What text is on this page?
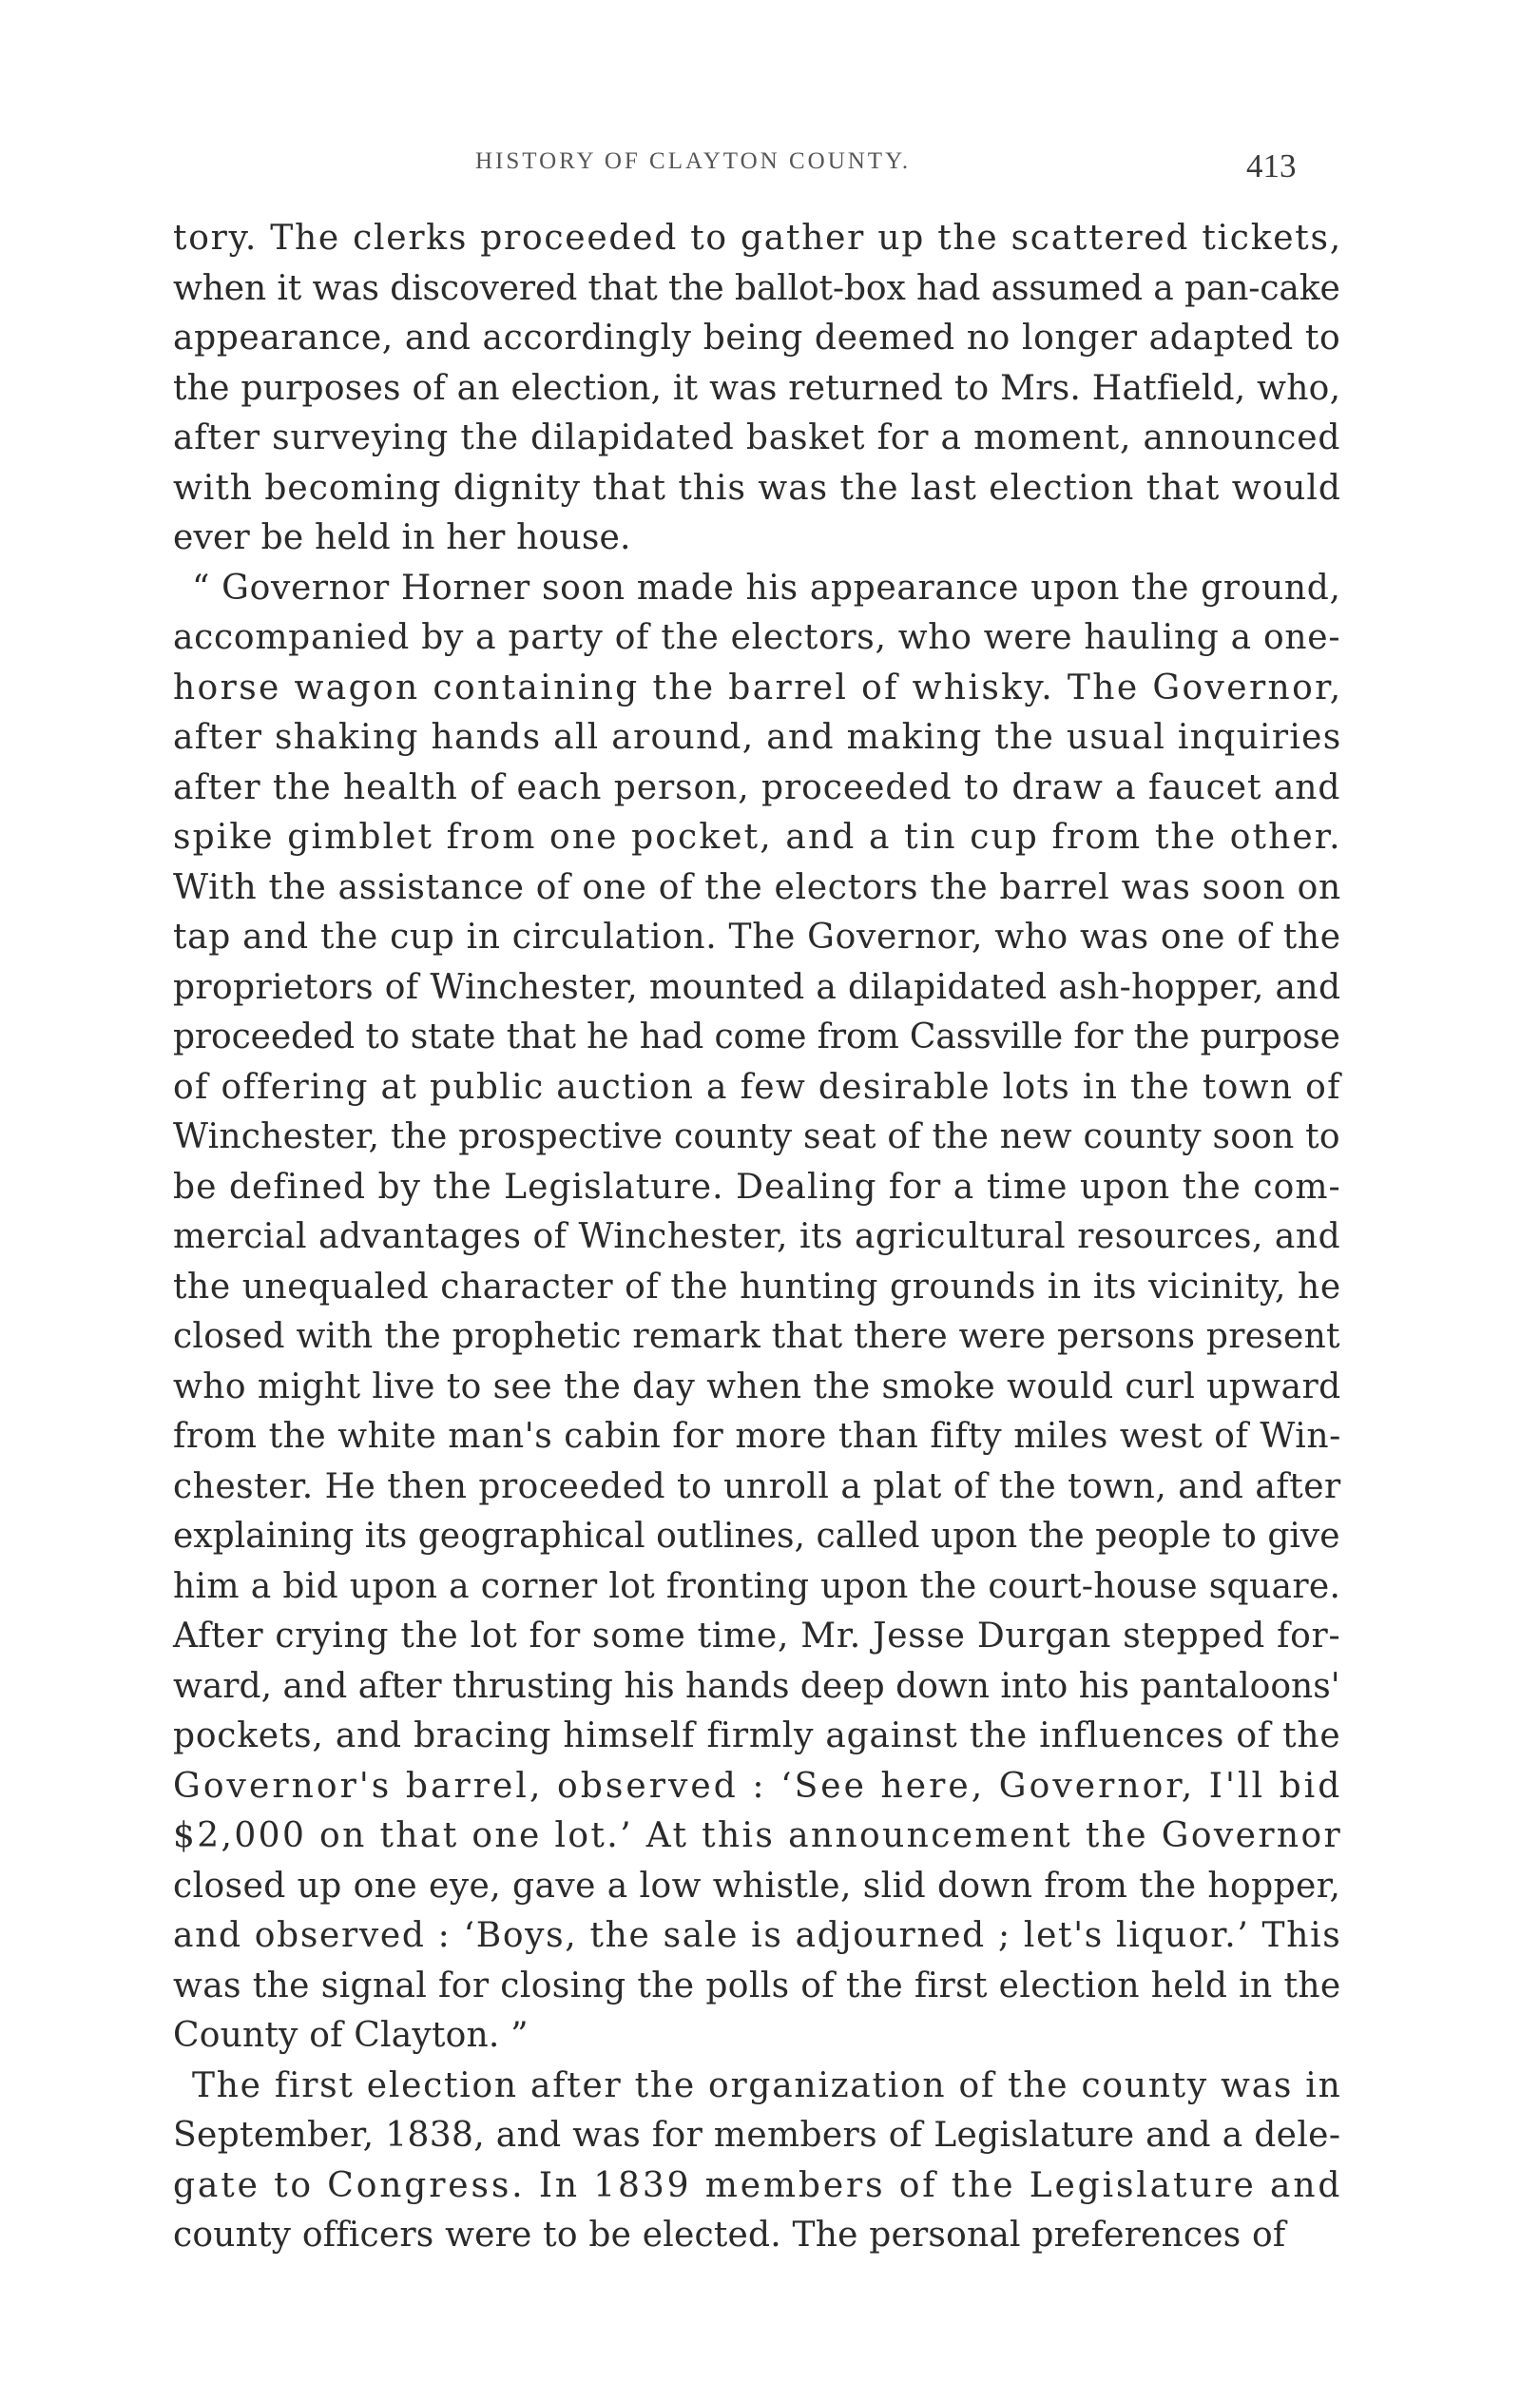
HISTORY OF CLAYTON COUNTY.	413
tory. The clerks proceeded to gather up the scattered tickets,
when it was discovered that the ballot-box had assumed a pan-cake
appearance, and accordingly being deemed no longer adapted to
the purposes of an election, it was returned to Mrs. Hatfield, who,
after surveying the dilapidated basket for a moment, announced
with becoming dignity that this was the last election that would
ever be held in her house.
“ Governor Horner soon made his appearance upon the ground,
accompanied by a party of the electors, who were hauling a one-
horse wagon containing the barrel of whisky. The Governor,
after shaking hands all around, and making the usual inquiries
after the health of each person, proceeded to draw a faucet and
spike gimblet from one pocket, and a tin cup from the other.
With the assistance of one of the electors the barrel was soon on
tap and the cup in circulation. The Governor, who was one of the
proprietors of Winchester, mounted a dilapidated ash-hopper, and
proceeded to state that he had come from Cassville for the purpose
of offering at public auction a few desirable lots in the town of
Winchester, the prospective county seat of the new county soon to
be defined by the Legislature. Dealing for a time upon the com-
mercial advantages of Winchester, its agricultural resources, and
the unequaled character of the hunting grounds in its vicinity, he
closed with the prophetic remark that there were persons present
who might live to see the day when the smoke would curl upward
from the white man's cabin for more than fifty miles west of Win-
chester. He then proceeded to unroll a plat of the town, and after
explaining its geographical outlines, called upon the people to give
him a bid upon a corner lot fronting upon the court-house square.
After crying the lot for some time, Mr. Jesse Durgan stepped for-
ward, and after thrusting his hands deep down into his pantaloons'
pockets, and bracing himself firmly against the influences of the
Governor's barrel, observed : ‘See here, Governor, I'll bid
$2,000 on that one lot.’ At this announcement the Governor
closed up one eye, gave a low whistle, slid down from the hopper,
and observed : ‘Boys, the sale is adjourned ; let's liquor.’ This
was the signal for closing the polls of the first election held in the
County of Clayton. ”
The first election after the organization of the county was in
September, 1838, and was for members of Legislature and a dele-
gate to Congress. In 1839 members of the Legislature and
county officers were to be elected. The personal preferences of
